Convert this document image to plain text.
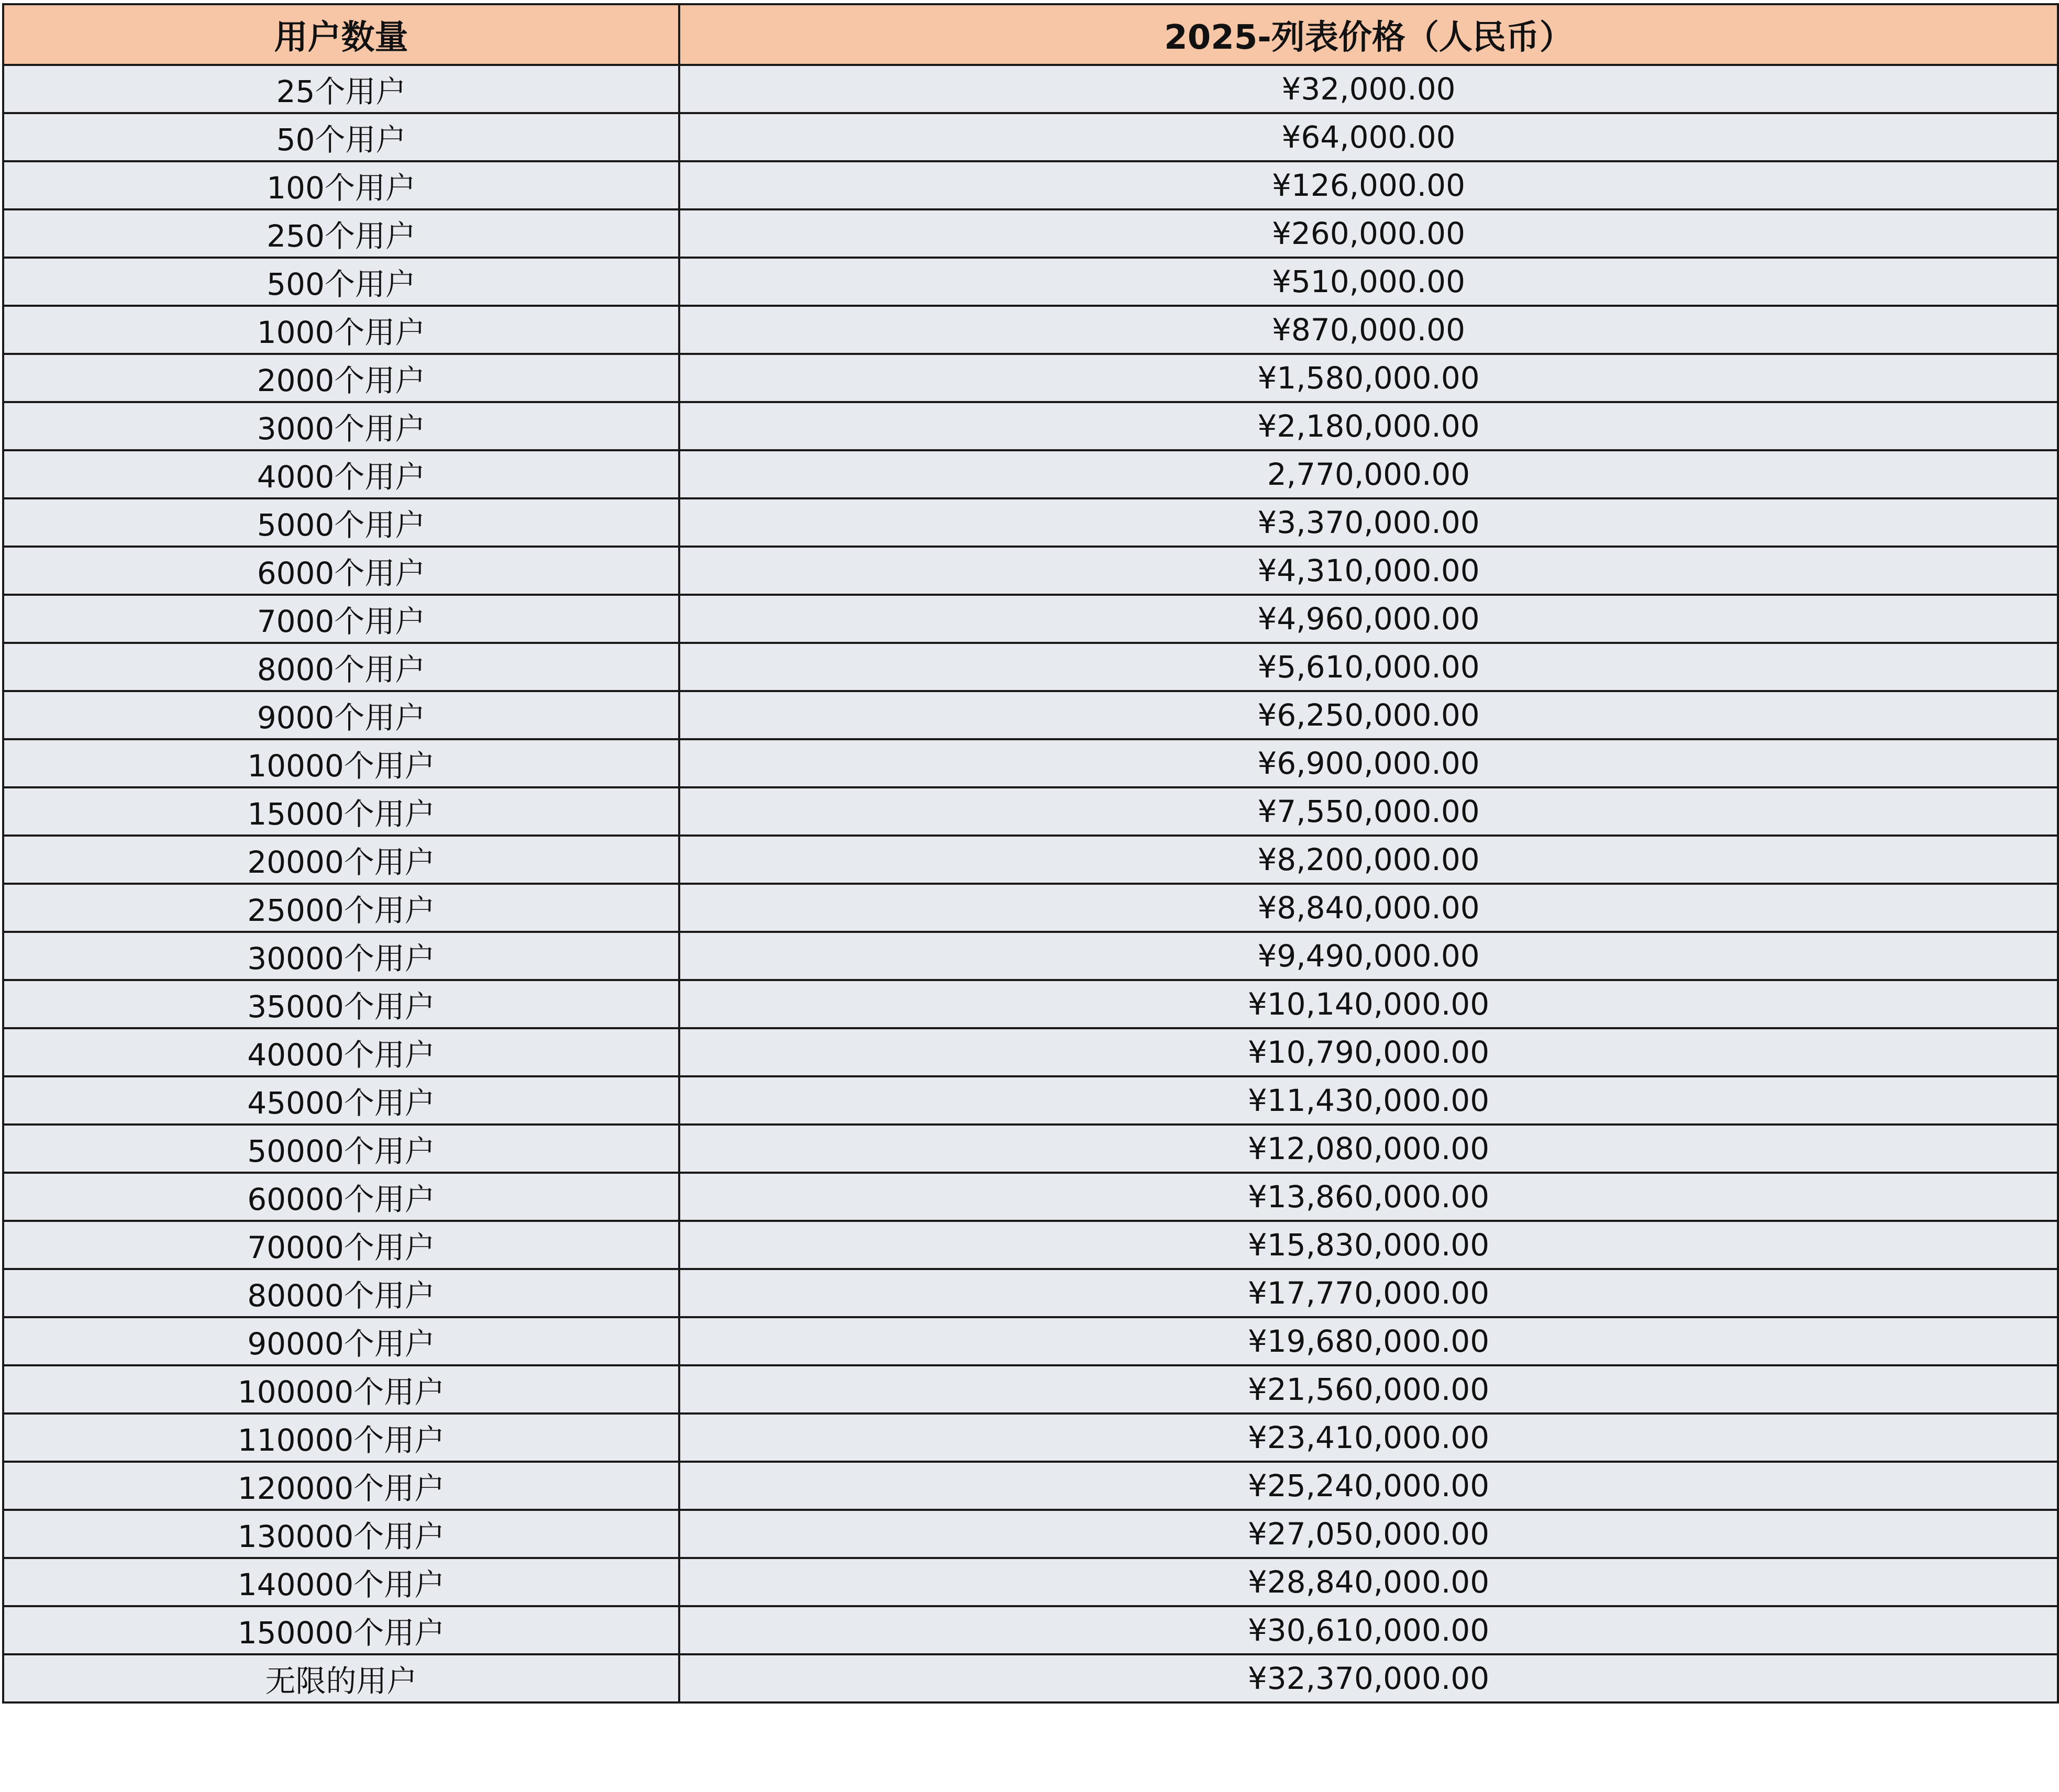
用户数量	2025-列表价格（人民币）
25个用户	¥32,000.00
50个用户	¥64,000.00
100个用户	¥126,000.00
250个用户	¥260,000.00
500个用户	¥510,000.00
1000个用户	¥870,000.00
2000个用户	¥1,580,000.00
3000个用户	¥2,180,000.00
4000个用户	2,770,000.00
5000个用户	¥3,370,000.00
6000个用户	¥4,310,000.00
7000个用户	¥4,960,000.00
8000个用户	¥5,610,000.00
9000个用户	¥6,250,000.00
10000个用户	¥6,900,000.00
15000个用户	¥7,550,000.00
20000个用户	¥8,200,000.00
25000个用户	¥8,840,000.00
30000个用户	¥9,490,000.00
35000个用户	¥10,140,000.00
40000个用户	¥10,790,000.00
45000个用户	¥11,430,000.00
50000个用户	¥12,080,000.00
60000个用户	¥13,860,000.00
70000个用户	¥15,830,000.00
80000个用户	¥17,770,000.00
90000个用户	¥19,680,000.00
100000个用户	¥21,560,000.00
110000个用户	¥23,410,000.00
120000个用户	¥25,240,000.00
130000个用户	¥27,050,000.00
140000个用户	¥28,840,000.00
150000个用户	¥30,610,000.00
无限的用户	¥32,370,000.00
